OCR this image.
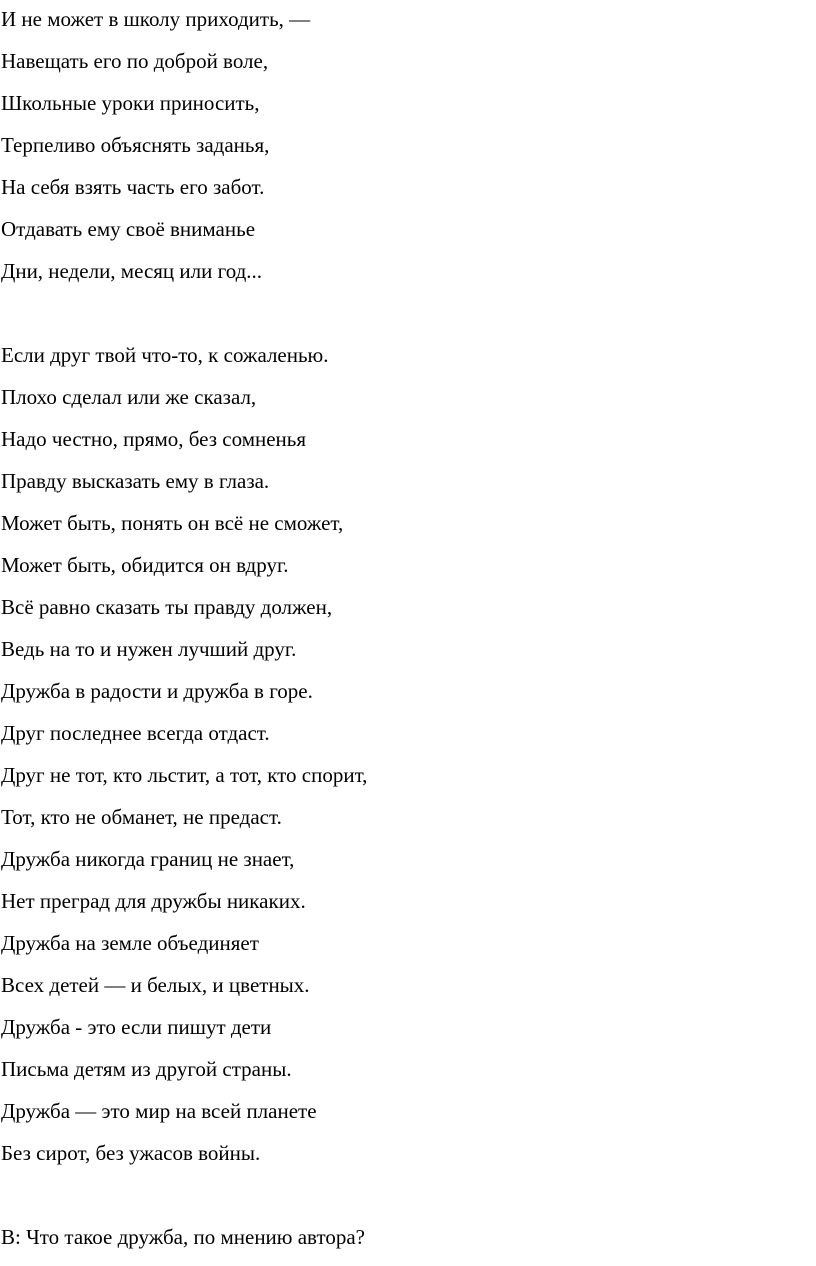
И не может в школу приходить, —
Навещать его по доброй воле,
Школьные уроки приносить,
Терпеливо объяснять заданья,
На себя взять часть его забот.
Отдавать ему своё вниманье
Дни, недели, месяц или год...
Если друг твой что-то, к сожаленью.
Плохо сделал или же сказал,
Надо честно, прямо, без сомненья
Правду высказать ему в глаза.
Может быть, понять он всё не сможет,
Может быть, обидится он вдруг.
Всё равно сказать ты правду должен,
Ведь на то и нужен лучший друг.
Дружба в радости и дружба в горе.
Друг последнее всегда отдаст.
Друг не тот, кто льстит, а тот, кто спорит,
Тот, кто не обманет, не предаст.
Дружба никогда границ не знает,
Нет преград для дружбы никаких.
Дружба на земле объединяет
Всех детей — и белых, и цветных.
Дружба - это если пишут дети
Письма детям из другой страны.
Дружба — это мир на всей планете
Без сирот, без ужасов войны.
В: Что такое дружба, по мнению автора?
